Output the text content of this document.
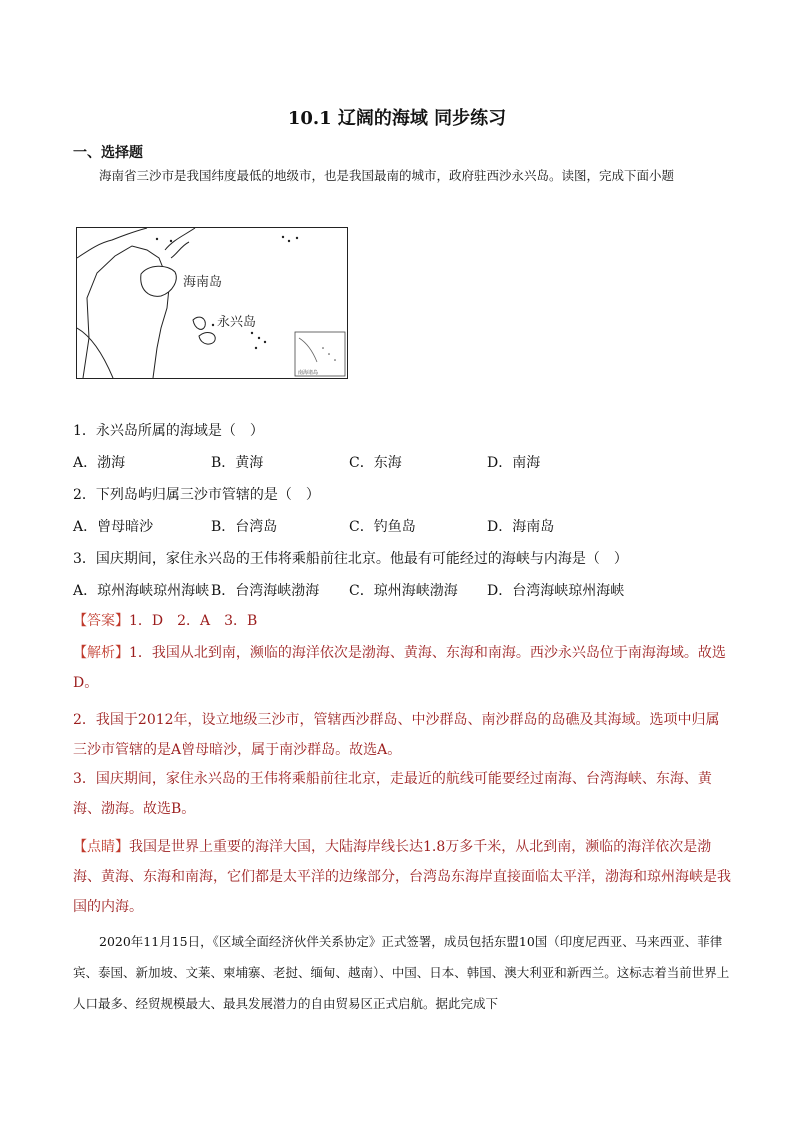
10.1 辽阔的海域 同步练习
一、选择题
海南省三沙市是我国纬度最低的地级市，也是我国最南的城市，政府驻西沙永兴岛。读图，完成下面小题
海南岛
永兴岛
南海诸岛
1．永兴岛所属的海域是（　）
A．渤海	B．黄海	C．东海	D．南海
2．下列岛屿归属三沙市管辖的是（　）
A．曾母暗沙	B．台湾岛	C．钓鱼岛	D．海南岛
3．国庆期间，家住永兴岛的王伟将乘船前往北京。他最有可能经过的海峡与内海是（　）
A．琼州海峡琼州海峡 B．台湾海峡渤海 C．琼州海峡渤海 D．台湾海峡琼州海峡
【答案】1．D　2．A　3．B
【解析】1．我国从北到南，濒临的海洋依次是渤海、黄海、东海和南海。西沙永兴岛位于南海海域。故选D。
2．我国于2012年，设立地级三沙市，管辖西沙群岛、中沙群岛、南沙群岛的岛礁及其海域。选项中归属三沙市管辖的是A曾母暗沙，属于南沙群岛。故选A。
3．国庆期间，家住永兴岛的王伟将乘船前往北京，走最近的航线可能要经过南海、台湾海峡、东海、黄海、渤海。故选B。
【点睛】我国是世界上重要的海洋大国，大陆海岸线长达1.8万多千米，从北到南，濒临的海洋依次是渤海、黄海、东海和南海，它们都是太平洋的边缘部分，台湾岛东海岸直接面临太平洋，渤海和琼州海峡是我国的内海。
2020年11月15日，《区域全面经济伙伴关系协定》正式签署，成员包括东盟10国（印度尼西亚、马来西亚、菲律宾、泰国、新加坡、文莱、柬埔寨、老挝、缅甸、越南）、中国、日本、韩国、澳大利亚和新西兰。这标志着当前世界上人口最多、经贸规模最大、最具发展潜力的自由贸易区正式启航。据此完成下
